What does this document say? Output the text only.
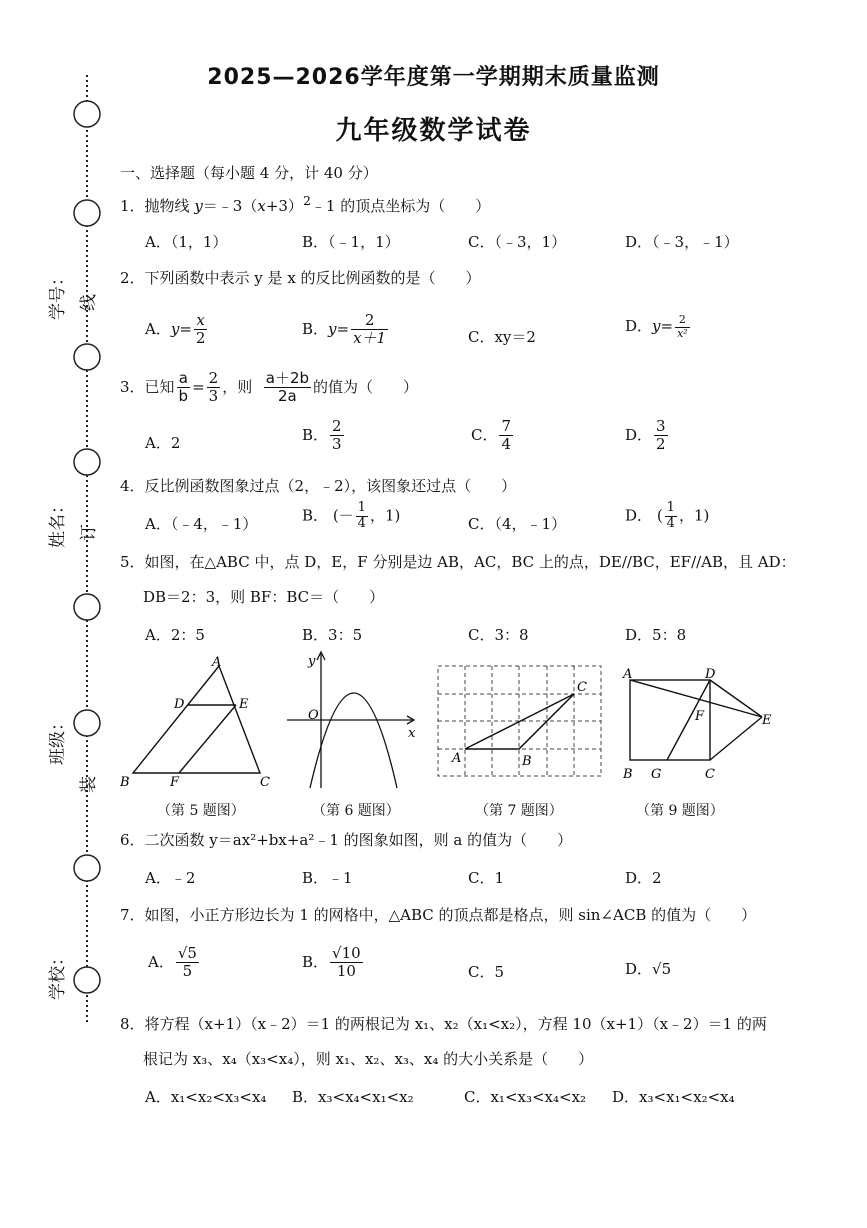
学号：
姓名：
班级：
学校：
线
订
装
2025—2026学年度第一学期期末质量监测
九年级数学试卷
一、选择题（每小题 4 分，计 40 分）
1．抛物线 $y=﹣3(x+3)^2﹣1$ 的顶点坐标为（　　）
A．（1，1）	B．（﹣1，1）	C．（﹣3，1）	D．（﹣3，﹣1）
2．下列函数中表示 y 是 x 的反比例函数的是（　　）
A．$y= \frac{x}{2}$	B．$y= \frac{2}{x+1}$	C．xy＝2
D．$y= \frac{2}{\text{x²}}$
3．已知 $\frac{a}{b} = \frac{2}{3}$ ，则 $\frac{a+2b}{2a}$ 的值为（　　）
A．2	B． $\frac{2}{3}$	C． $\frac{7}{4}$	D． $\frac{3}{2}$
4．反比例函数图象过点（2，﹣2），该图象还过点（　　）
A．（﹣4，﹣1）	B． (－ $\frac{1}{4}$ ，1)	C．（4，﹣1）	D． ( $\frac{1}{4}$ ，1)
5．如图，在△ABC 中，点 D，E，F 分别是边 AB，AC，BC 上的点，DE//BC，EF//AB，且 AD：
DB＝2：3，则 BF：BC＝（　　）
A．2：5	B．3：5	C．3：8	D．5：8
A
D	E
B	F	C
y
O
x
A	B
C
A	D
F	E
B G	C
（第 5 题图）	（第 6 题图）	（第 7 题图）	（第 9 题图）
6．二次函数 y＝ax²+bx+a²﹣1 的图象如图，则 a 的值为（　　）
A．﹣2	B．﹣1	C．1	D．2
7．如图，小正方形边长为 1 的网格中，△ABC 的顶点都是格点，则 sin∠ACB 的值为（　　）
A． $\frac{√5}{5}$	B． $\frac{√10}{10}$	C．5	D．√5
8．将方程（x+1）（x﹣2）＝1 的两根记为 x₁、x₂（x₁<x₂），方程 10（x+1）（x﹣2）＝1 的两
根记为 x₃、x₄（x₃<x₄），则 x₁、x₂、x₃、x₄ 的大小关系是（　　）
A．x₁<x₂<x₃<x₄ B．x₃<x₄<x₁<x₂	C．x₁<x₃<x₄<x₂ D．x₃<x₁<x₂<x₄
